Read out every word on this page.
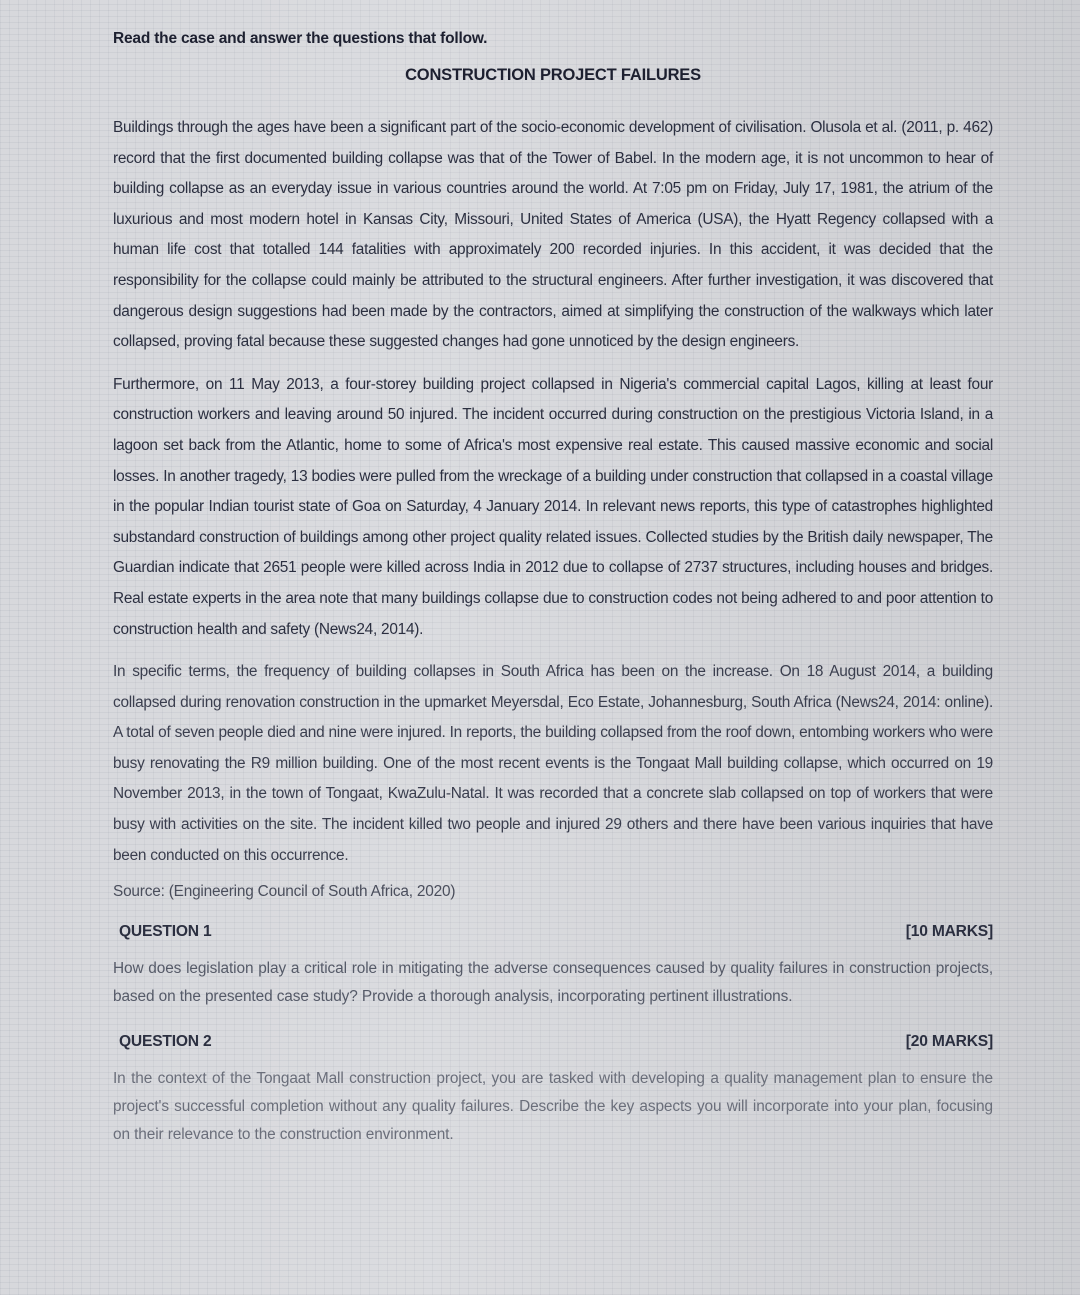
Read the case and answer the questions that follow.

CONSTRUCTION PROJECT FAILURES

Buildings through the ages have been a significant part of the socio-economic development of civilisation. Olusola et al. (2011, p. 462) record that the first documented building collapse was that of the Tower of Babel. In the modern age, it is not uncommon to hear of building collapse as an everyday issue in various countries around the world. At 7:05 pm on Friday, July 17, 1981, the atrium of the luxurious and most modern hotel in Kansas City, Missouri, United States of America (USA), the Hyatt Regency collapsed with a human life cost that totalled 144 fatalities with approximately 200 recorded injuries. In this accident, it was decided that the responsibility for the collapse could mainly be attributed to the structural engineers. After further investigation, it was discovered that dangerous design suggestions had been made by the contractors, aimed at simplifying the construction of the walkways which later collapsed, proving fatal because these suggested changes had gone unnoticed by the design engineers.

Furthermore, on 11 May 2013, a four-storey building project collapsed in Nigeria's commercial capital Lagos, killing at least four construction workers and leaving around 50 injured. The incident occurred during construction on the prestigious Victoria Island, in a lagoon set back from the Atlantic, home to some of Africa's most expensive real estate. This caused massive economic and social losses. In another tragedy, 13 bodies were pulled from the wreckage of a building under construction that collapsed in a coastal village in the popular Indian tourist state of Goa on Saturday, 4 January 2014. In relevant news reports, this type of catastrophes highlighted substandard construction of buildings among other project quality related issues. Collected studies by the British daily newspaper, The Guardian indicate that 2651 people were killed across India in 2012 due to collapse of 2737 structures, including houses and bridges. Real estate experts in the area note that many buildings collapse due to construction codes not being adhered to and poor attention to construction health and safety (News24, 2014).

In specific terms, the frequency of building collapses in South Africa has been on the increase. On 18 August 2014, a building collapsed during renovation construction in the upmarket Meyersdal, Eco Estate, Johannesburg, South Africa (News24, 2014: online). A total of seven people died and nine were injured. In reports, the building collapsed from the roof down, entombing workers who were busy renovating the R9 million building. One of the most recent events is the Tongaat Mall building collapse, which occurred on 19 November 2013, in the town of Tongaat, KwaZulu-Natal. It was recorded that a concrete slab collapsed on top of workers that were busy with activities on the site. The incident killed two people and injured 29 others and there have been various inquiries that have been conducted on this occurrence.

Source: (Engineering Council of South Africa, 2020)

QUESTION 1	[10 MARKS]

How does legislation play a critical role in mitigating the adverse consequences caused by quality failures in construction projects, based on the presented case study? Provide a thorough analysis, incorporating pertinent illustrations.

QUESTION 2	[20 MARKS]

In the context of the Tongaat Mall construction project, you are tasked with developing a quality management plan to ensure the project's successful completion without any quality failures. Describe the key aspects you will incorporate into your plan, focusing on their relevance to the construction environment.
